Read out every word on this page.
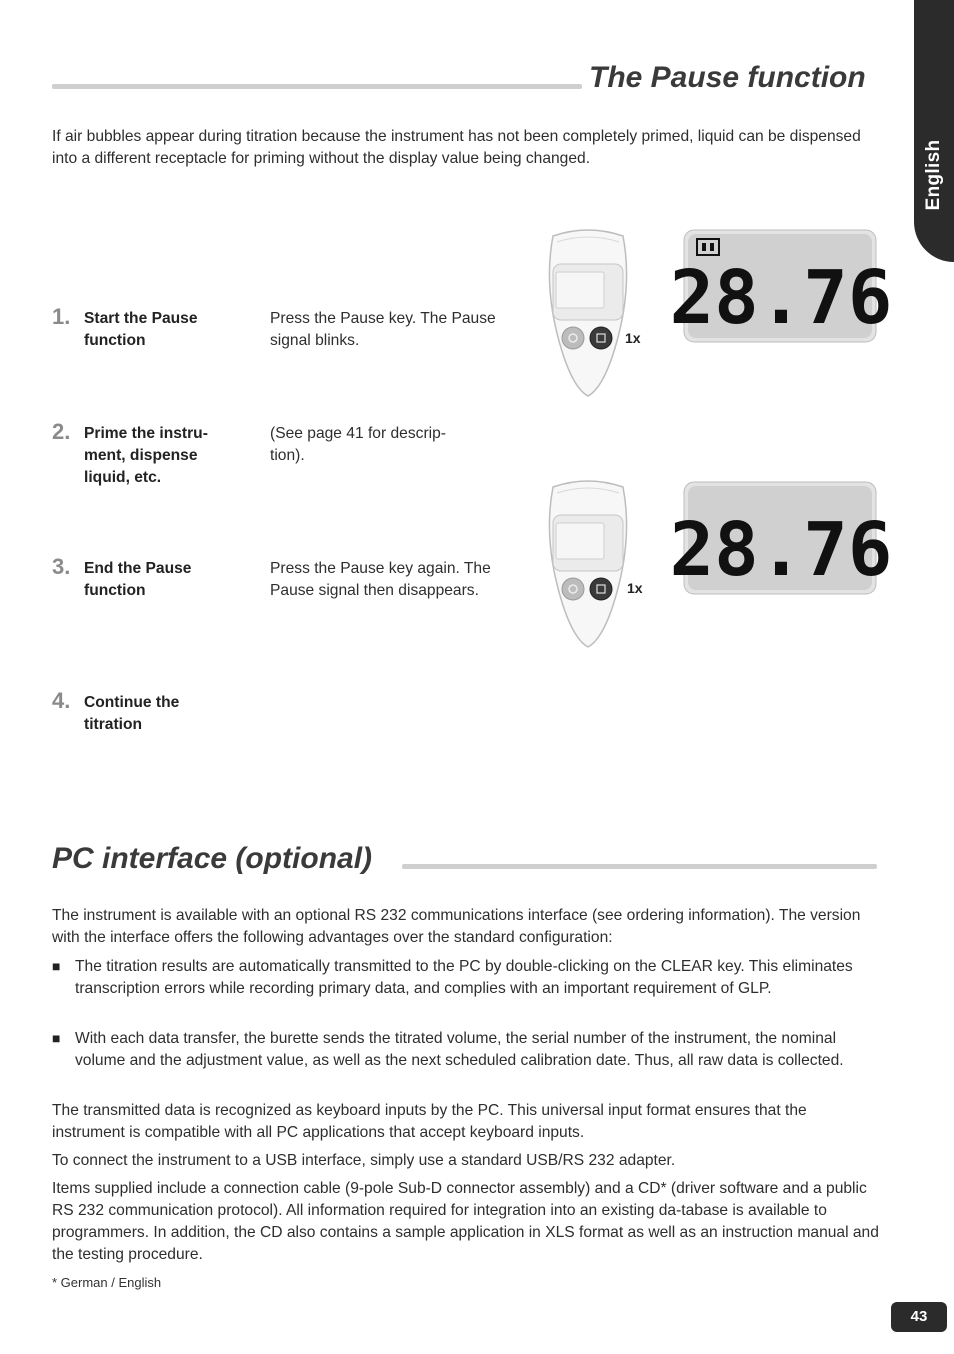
English
The Pause function
If air bubbles appear during titration because the instrument has not been completely primed, liquid can be dispensed into a different receptacle for priming without the display value being changed.
1. Start the Pause function
Press the Pause key. The Pause signal blinks.
2. Prime the instru-ment, dispense liquid, etc.
(See page 41 for descrip-tion).
3. End the Pause function
Press the Pause key again. The Pause signal then disappears.
4. Continue the titration
1x 28.76
1x 28.76
PC interface (optional)
The instrument is available with an optional RS 232 communications interface (see ordering information). The version with the interface offers the following advantages over the standard configuration:
■ The titration results are automatically transmitted to the PC by double-clicking on the CLEAR key. This eliminates transcription errors while recording primary data, and complies with an important requirement of GLP.
■ With each data transfer, the burette sends the titrated volume, the serial number of the instrument, the nominal volume and the adjustment value, as well as the next scheduled calibration date. Thus, all raw data is collected.
The transmitted data is recognized as keyboard inputs by the PC. This universal input format ensures that the instrument is compatible with all PC applications that accept keyboard inputs.
To connect the instrument to a USB interface, simply use a standard USB/RS 232 adapter.
Items supplied include a connection cable (9-pole Sub-D connector assembly) and a CD* (driver software and a public RS 232 communication protocol). All information required for integration into an existing da-tabase is available to programmers. In addition, the CD also contains a sample application in XLS format as well as an instruction manual and the testing procedure.
* German / English
43
